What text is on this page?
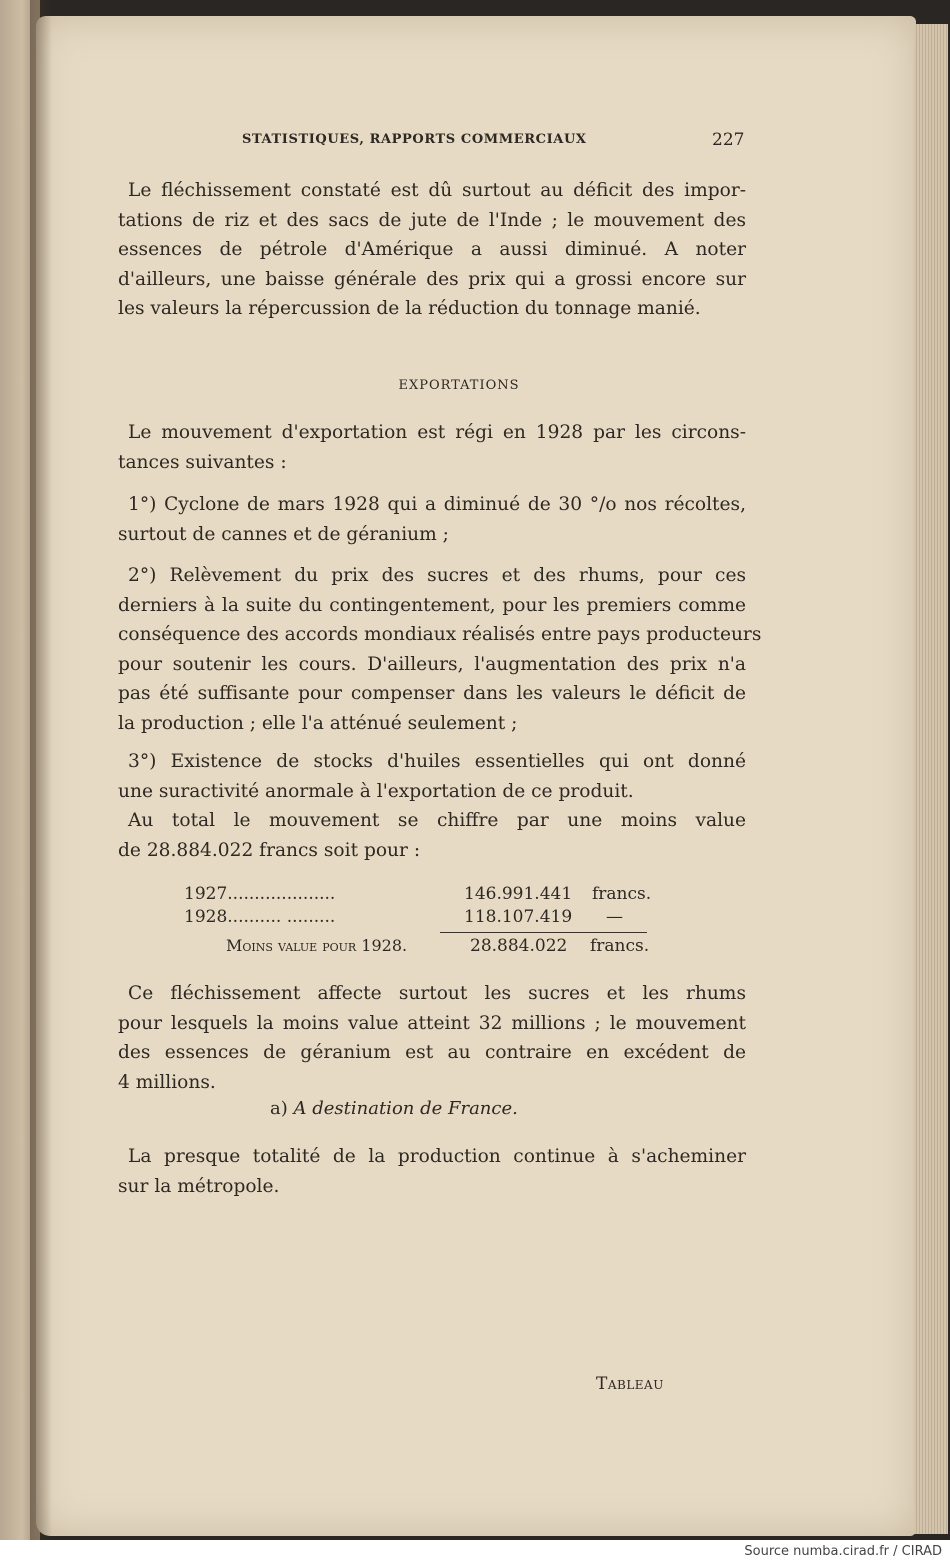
STATISTIQUES, RAPPORTS COMMERCIAUX	227
Le fléchissement constaté est dû surtout au déficit des impor-
tations de riz et des sacs de jute de l'Inde ; le mouvement des
essences de pétrole d'Amérique a aussi diminué. A noter
d'ailleurs, une baisse générale des prix qui a grossi encore sur
les valeurs la répercussion de la réduction du tonnage manié.
EXPORTATIONS
Le mouvement d'exportation est régi en 1928 par les circons-
tances suivantes :
1°) Cyclone de mars 1928 qui a diminué de 30 °/o nos récoltes,
surtout de cannes et de géranium ;
2°) Relèvement du prix des sucres et des rhums, pour ces
derniers à la suite du contingentement, pour les premiers comme
conséquence des accords mondiaux réalisés entre pays producteurs
pour soutenir les cours. D'ailleurs, l'augmentation des prix n'a
pas été suffisante pour compenser dans les valeurs le déficit de
la production ; elle l'a atténué seulement ;
3°) Existence de stocks d'huiles essentielles qui ont donné
une suractivité anormale à l'exportation de ce produit.
Au total le mouvement se chiffre par une moins value
de 28.884.022 francs soit pour :
1927....................	146.991.441 francs.
1928.......... .........	118.107.419 —
Moins value pour 1928.	28.884.022 francs.
Ce fléchissement affecte surtout les sucres et les rhums
pour lesquels la moins value atteint 32 millions ; le mouvement
des essences de géranium est au contraire en excédent de
4 millions.
a) A destination de France.
La presque totalité de la production continue à s'acheminer
sur la métropole.
Tableau
Source numba.cirad.fr / CIRAD
